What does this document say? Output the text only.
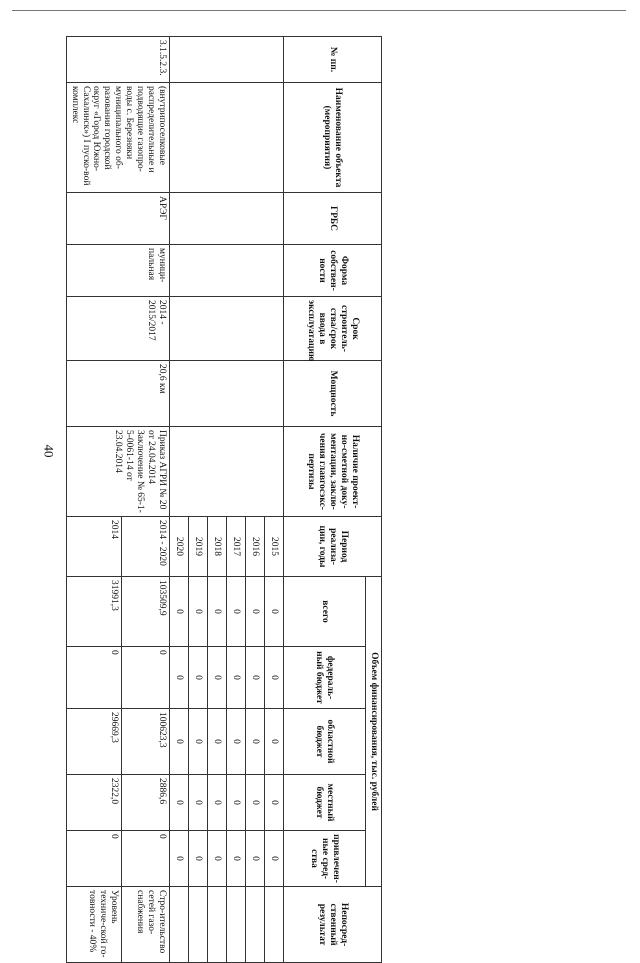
40
№ пп.	Наименование объекта (мероприятия)	ГРБС	Форма собствен-ности	Срок строитель-ства/срок ввода в эксплуатацию	Мощность	Наличие проект-но-сметной доку-ментации, заклю-чения главгосэкс-пертизы	Период реализа-ции, годы	Объем финансирования, тыс. рублей					Непосред-ственный результат
								всего	федераль-ный бюджет	областной бюджет	местный бюджет	привлечен-ные сред-ства	
							2015	0	0	0	0	0	
							2016	0	0	0	0	0	
							2017	0	0	0	0	0	
							2018	0	0	0	0	0	
							2019	0	0	0	0	0	
							2020	0	0	0	0	0	
3.1.5.2.3.	(внутрипоселковые распределительные и подводящие газопро-воды с. Березняки муниципального об-разования городской округ «Город Южно-Сахалинск») I пуско-вой комплекс	АРЭГ	муници-пальная	2014 - 2015/2017	20,6 км	Приказ АГРИ № 20 от 24.04.2014 Заключение № 65-1-5-0061-14 от 23.04.2014	2014 - 2020	103509,9	0	100623,3	2886,6	0	Стро-ительство сетей газо-снабжения
							2014	31991,3	0	29669,3	2322,0	0	Уровень техниче-ской го-товности - 40%
